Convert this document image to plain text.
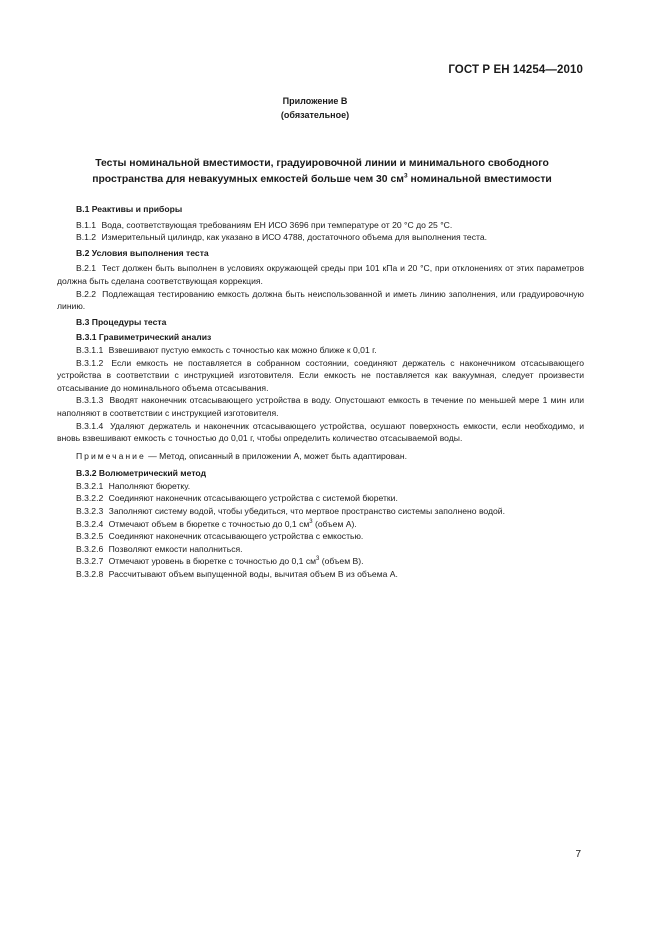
ГОСТ Р ЕН 14254—2010
Приложение В
(обязательное)
Тесты номинальной вместимости, градуировочной линии и минимального свободного
пространства для невакуумных емкостей больше чем 30 $см^3$ номинальной вместимости

В.1 Реактивы и приборы

В.1.1 Вода, соответствующая требованиям ЕН ИСО 3696 при температуре от 20 °С до 25 °С.

В.1.2 Измерительный цилиндр, как указано в ИСО 4788, достаточного объема для выполнения теста.

В.2 Условия выполнения теста

В.2.1 Тест должен быть выполнен в условиях окружающей среды при 101 кПа и 20 °С, при отклонениях от этих параметров должна быть сделана соответствующая коррекция.

В.2.2 Подлежащая тестированию емкость должна быть неиспользованной и иметь линию заполнения, или градуировочную линию.

В.3 Процедуры теста

В.3.1 Гравиметрический анализ

В.3.1.1 Взвешивают пустую емкость с точностью как можно ближе к 0,01 г.

В.3.1.2 Если емкость не поставляется в собранном состоянии, соединяют держатель с наконечником отсасывающего устройства в соответствии с инструкцией изготовителя. Если емкость не поставляется как вакуумная, следует произвести отсасывание до номинального объема отсасывания.

В.3.1.3 Вводят наконечник отсасывающего устройства в воду. Опустошают емкость в течение по меньшей мере 1 мин или наполняют в соответствии с инструкцией изготовителя.

В.3.1.4 Удаляют держатель и наконечник отсасывающего устройства, осушают поверхность емкости, если необходимо, и вновь взвешивают емкость с точностью до 0,01 г, чтобы определить количество отсасываемой воды.

Примечание — Метод, описанный в приложении А, может быть адаптирован.

В.3.2 Волюметрический метод

В.3.2.1 Наполняют бюретку.

В.3.2.2 Соединяют наконечник отсасывающего устройства с системой бюретки.

В.3.2.3 Заполняют систему водой, чтобы убедиться, что мертвое пространство системы заполнено водой.

В.3.2.4 Отмечают объем в бюретке с точностью до 0,1 $см^3$ (объем А).

В.3.2.5 Соединяют наконечник отсасывающего устройства с емкостью.

В.3.2.6 Позволяют емкости наполниться.

В.3.2.7 Отмечают уровень в бюретке с точностью до 0,1 $см^3$ (объем В).

В.3.2.8 Рассчитывают объем выпущенной воды, вычитая объем В из объема А.

7
